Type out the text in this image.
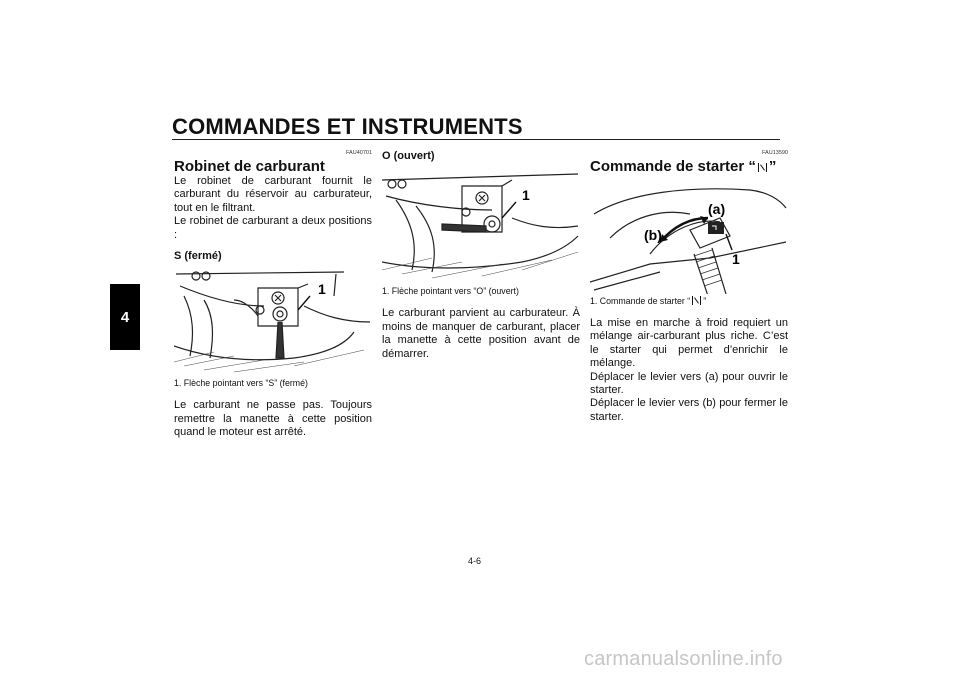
COMMANDES ET INSTRUMENTS
4
FAU40701
Robinet de carburant
Le robinet de carburant fournit le carburant du réservoir au carburateur, tout en le filtrant.
Le robinet de carburant a deux positions :
S (fermé)
1
1. Flèche pointant vers “S” (fermé)
Le carburant ne passe pas. Toujours remettre la manette à cette position quand le moteur est arrêté.
O (ouvert)
1
1. Flèche pointant vers “O” (ouvert)
Le carburant parvient au carburateur. À moins de manquer de carburant, placer la manette à cette position avant de démarrer.
FAU13590
Commande de starter “ ”
(a)
(b)
1
1. Commande de starter “ ”
La mise en marche à froid requiert un mélange air-carburant plus riche. C’est le starter qui permet d’enrichir le mélange.
Déplacer le levier vers (a) pour ouvrir le starter.
Déplacer le levier vers (b) pour fermer le starter.
4-6
carmanualsonline.info
